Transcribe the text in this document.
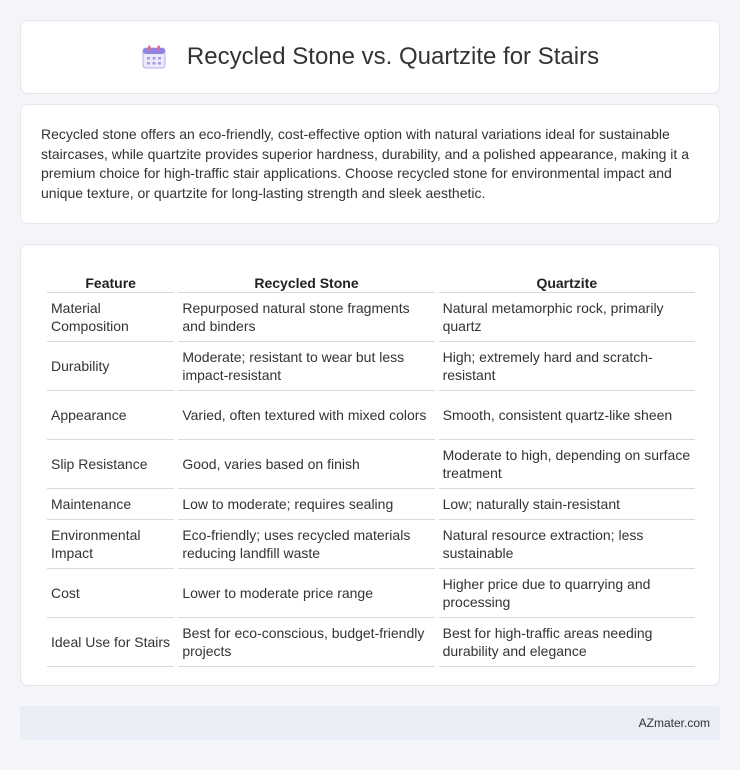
Recycled Stone vs. Quartzite for Stairs

Recycled stone offers an eco-friendly, cost-effective option with natural variations ideal for sustainable staircases, while quartzite provides superior hardness, durability, and a polished appearance, making it a premium choice for high-traffic stair applications. Choose recycled stone for environmental impact and unique texture, or quartzite for long-lasting strength and sleek aesthetic.

Feature	Recycled Stone	Quartzite
Material Composition	Repurposed natural stone fragments and binders	Natural metamorphic rock, primarily quartz
Durability	Moderate; resistant to wear but less impact-resistant	High; extremely hard and scratch-resistant
Appearance	Varied, often textured with mixed colors	Smooth, consistent quartz-like sheen
Slip Resistance	Good, varies based on finish	Moderate to high, depending on surface treatment
Maintenance	Low to moderate; requires sealing	Low; naturally stain-resistant
Environmental Impact	Eco-friendly; uses recycled materials reducing landfill waste	Natural resource extraction; less sustainable
Cost	Lower to moderate price range	Higher price due to quarrying and processing
Ideal Use for Stairs	Best for eco-conscious, budget-friendly projects	Best for high-traffic areas needing durability and elegance
AZmater.com
